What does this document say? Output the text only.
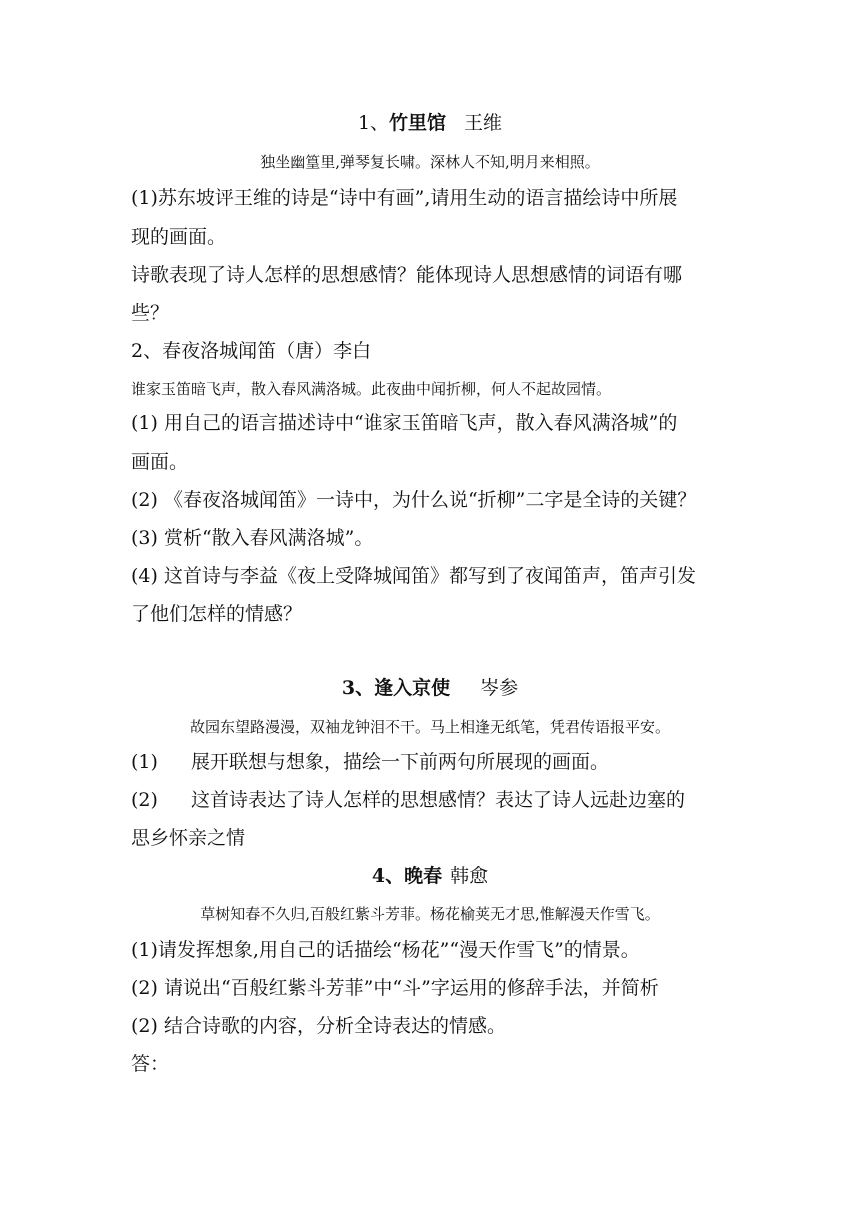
1、竹里馆 王维
独坐幽篁里,弹琴复长啸。深林人不知,明月来相照。
(1)苏东坡评王维的诗是“诗中有画”,请用生动的语言描绘诗中所展
现的画面。
诗歌表现了诗人怎样的思想感情？能体现诗人思想感情的词语有哪
些？
2、春夜洛城闻笛（唐）李白
谁家玉笛暗飞声，散入春风满洛城。此夜曲中闻折柳，何人不起故园情。
(1) 用自己的语言描述诗中“谁家玉笛暗飞声，散入春风满洛城”的
画面。
(2) 《春夜洛城闻笛》一诗中，为什么说“折柳”二字是全诗的关键？
(3) 赏析“散入春风满洛城”。
(4) 这首诗与李益《夜上受降城闻笛》都写到了夜闻笛声，笛声引发
了他们怎样的情感？
3、逢入京使 岑参
故园东望路漫漫，双袖龙钟泪不干。马上相逢无纸笔，凭君传语报平安。
(1) 展开联想与想象，描绘一下前两句所展现的画面。
(2) 这首诗表达了诗人怎样的思想感情？表达了诗人远赴边塞的
思乡怀亲之情
4、晚春 韩愈
草树知春不久归,百般红紫斗芳菲。杨花榆荚无才思,惟解漫天作雪飞。
(1)请发挥想象,用自己的话描绘“杨花”“漫天作雪飞”的情景。
(2) 请说出“百般红紫斗芳菲”中“斗”字运用的修辞手法，并简析
(2) 结合诗歌的内容，分析全诗表达的情感。
答：
